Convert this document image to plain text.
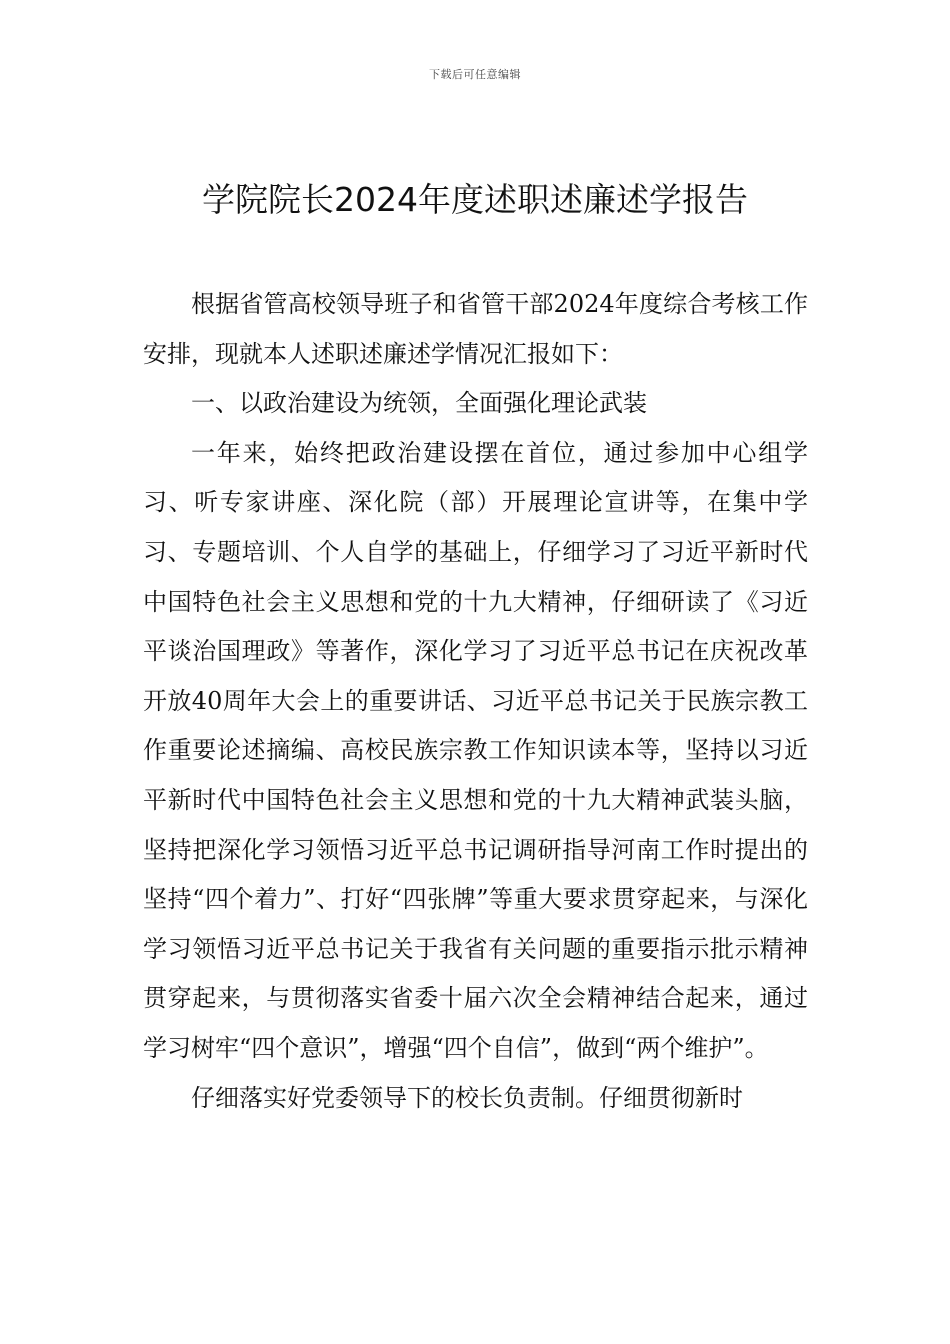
下载后可任意编辑
学院院长2024年度述职述廉述学报告

根据省管高校领导班子和省管干部2024年度综合考核工作安排，现就本人述职述廉述学情况汇报如下：

一、以政治建设为统领，全面强化理论武装

一年来，始终把政治建设摆在首位，通过参加中心组学习、听专家讲座、深化院（部）开展理论宣讲等，在集中学习、专题培训、个人自学的基础上，仔细学习了习近平新时代中国特色社会主义思想和党的十九大精神，仔细研读了《习近平谈治国理政》等著作，深化学习了习近平总书记在庆祝改革开放40周年大会上的重要讲话、习近平总书记关于民族宗教工作重要论述摘编、高校民族宗教工作知识读本等，坚持以习近平新时代中国特色社会主义思想和党的十九大精神武装头脑，坚持把深化学习领悟习近平总书记调研指导河南工作时提出的坚持“四个着力”、打好“四张牌”等重大要求贯穿起来，与深化学习领悟习近平总书记关于我省有关问题的重要指示批示精神贯穿起来，与贯彻落实省委十届六次全会精神结合起来，通过学习树牢“四个意识”，增强“四个自信”，做到“两个维护”。

仔细落实好党委领导下的校长负责制。仔细贯彻新时
